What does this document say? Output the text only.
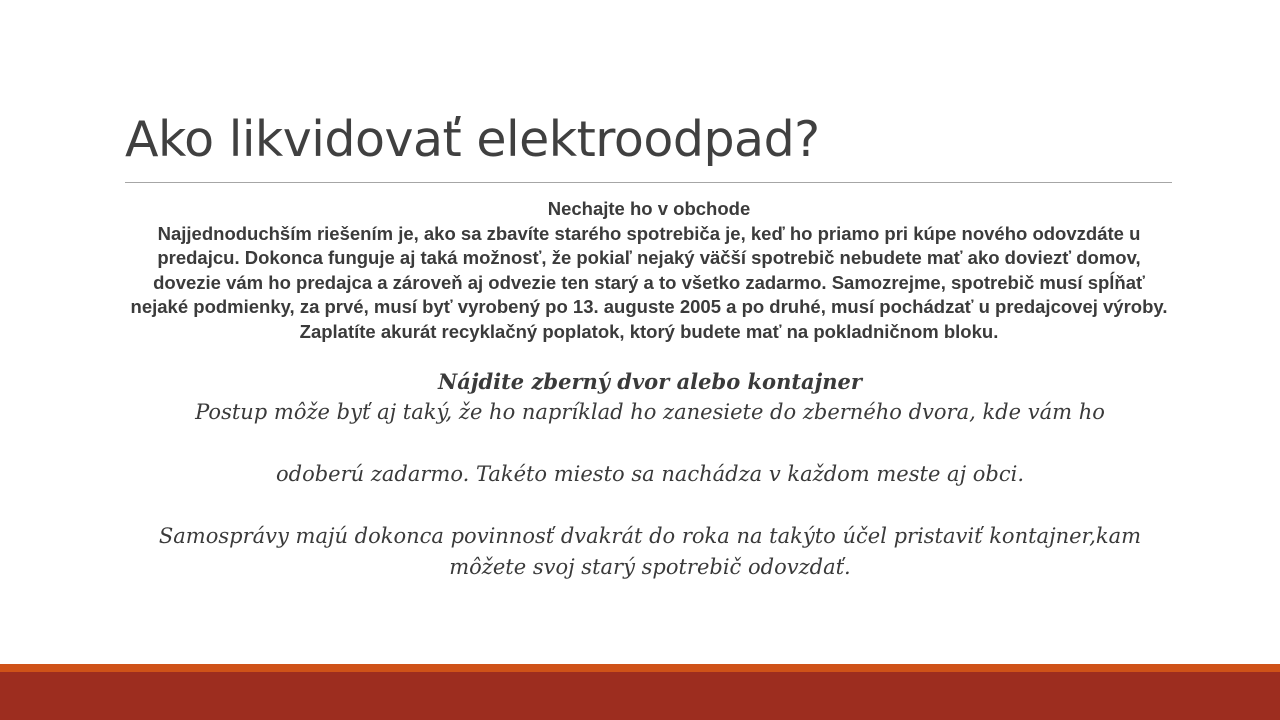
Ako likvidovať elektroodpad?

Nechajte ho v obchode

Najjednoduchším riešením je, ako sa zbavíte starého spotrebiča je, keď ho priamo pri kúpe nového odovzdáte u predajcu. Dokonca funguje aj taká možnosť, že pokiaľ nejaký väčší spotrebič nebudete mať ako doviezť domov, dovezie vám ho predajca a zároveň aj odvezie ten starý a to všetko zadarmo. Samozrejme, spotrebič musí spĺňať nejaké podmienky, za prvé, musí byť vyrobený po 13. auguste 2005 a po druhé, musí pochádzať u predajcovej výroby. Zaplatíte akurát recyklačný poplatok, ktorý budete mať na pokladničnom bloku.

Nájdite zberný dvor alebo kontajner

Postup môže byť aj taký, že ho napríklad ho zanesiete do zberného dvora, kde vám ho

odoberú zadarmo. Takéto miesto sa nachádza v každom meste aj obci.

Samosprávy majú dokonca povinnosť dvakrát do roka na takýto účel pristaviť kontajner,kam môžete svoj starý spotrebič odovzdať.
